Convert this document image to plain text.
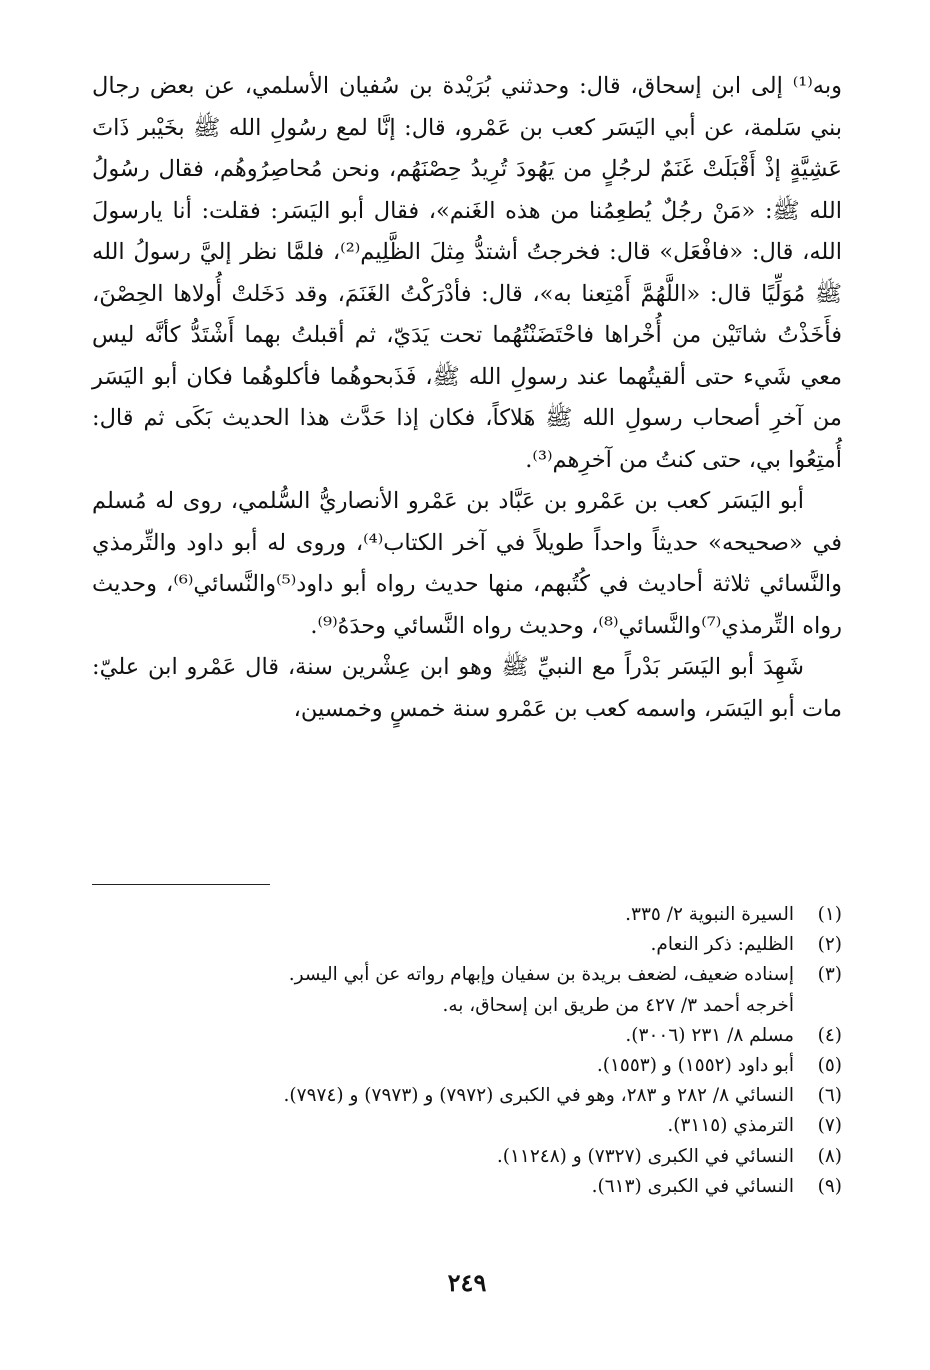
وبه⁽¹⁾ إلى ابن إسحاق، قال: وحدثني بُرَيْدة بن سُفيان الأسلمي، عن بعض رجال بني سَلمة، عن أبي اليَسَر كعب بن عَمْرو، قال: إنَّا لمع رسُولِ الله ﷺ بخَيْبر ذَاتَ عَشِيَّةٍ إذْ أَقْبَلَتْ غَنَمٌ لرجُلٍ من يَهُودَ تُرِيدُ حِصْنَهُم، ونحن مُحاصِرُوهُم، فقال رسُولُ الله ﷺ: «مَنْ رجُلٌ يُطعِمُنا من هذه الغَنم»، فقال أبو اليَسَر: فقلت: أنا يارسولَ الله، قال: «فافْعَل» قال: فخرجتُ أشتدُّ مِثلَ الظَّلِيم⁽²⁾، فلمَّا نظر إليَّ رسولُ الله ﷺ مُوَلِّيًا قال: «اللَّهُمَّ أَمْتِعنا به»، قال: فأدْرَكْتُ الغَنَمَ، وقد دَخَلتْ أُولاها الحِصْنَ، فأَخَذْتُ شاتَيْن من أُخْراها فاحْتَضَنْتُهُما تحت يَدَيّ، ثم أقبلتُ بهما أَشْتَدُّ كأنَّه ليس معي شَيء حتى ألقيتُهما عند رسولِ الله ﷺ، فَذَبحوهُما فأكلوهُما فكان أبو اليَسَر من آخرِ أصحاب رسولِ الله ﷺ هَلاكاً، فكان إذا حَدَّث هذا الحديث بَكَى ثم قال: أُمتِعُوا بي، حتى كنتُ من آخرِهم⁽³⁾.

أبو اليَسَر كعب بن عَمْرو بن عَبَّاد بن عَمْرو الأنصاريُّ السُّلمي، روى له مُسلم في «صحيحه» حديثاً واحداً طويلاً في آخر الكتاب⁽⁴⁾، وروى له أبو داود والتِّرمذي والنَّسائي ثلاثة أحاديث في كُتُبهم، منها حديث رواه أبو داود⁽⁵⁾والنَّسائي⁽⁶⁾، وحديث رواه التِّرمذي⁽⁷⁾والنَّسائي⁽⁸⁾، وحديث رواه النَّسائي وحدَهُ⁽⁹⁾.

شَهِدَ أبو اليَسَر بَدْراً مع النبيِّ ﷺ وهو ابن عِشْرين سنة، قال عَمْرو ابن عليّ: مات أبو اليَسَر، واسمه كعب بن عَمْرو سنة خمسٍ وخمسين،

(١)
السيرة النبوية ٢/ ٣٣٥.
(٢)
الظليم: ذكر النعام.
(٣)
إسناده ضعيف، لضعف بريدة بن سفيان وإبهام رواته عن أبي اليسر.
أخرجه أحمد ٣/ ٤٢٧ من طريق ابن إسحاق، به.
(٤)
مسلم ٨/ ٢٣١ (٣٠٠٦).
(٥)
أبو داود (١٥٥٢) و (١٥٥٣).
(٦)
النسائي ٨/ ٢٨٢ و ٢٨٣، وهو في الكبرى (٧٩٧٢) و (٧٩٧٣) و (٧٩٧٤).
(٧)
الترمذي (٣١١٥).
(٨)
النسائي في الكبرى (٧٣٢٧) و (١١٢٤٨).
(٩)
النسائي في الكبرى (٦١٣).
٢٤٩
